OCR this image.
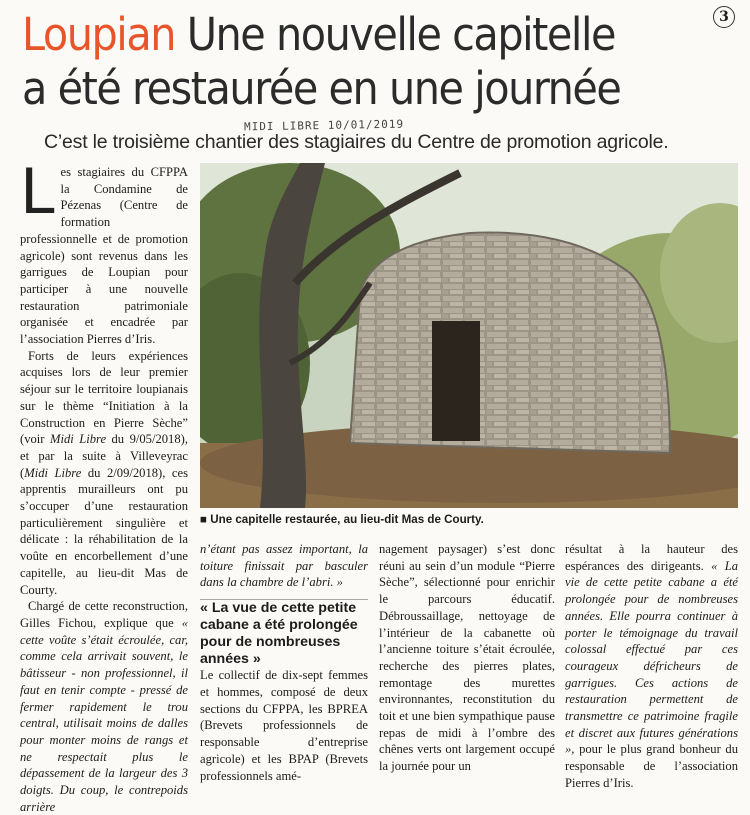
Loupian Une nouvelle capitelle
a été restaurée en une journée
3
MIDI LIBRE 10/01/2019
C’est le troisième chantier des stagiaires du Centre de promotion agricole.
L es stagiaires du CFPPA la Condamine de Pézenas (Centre de formation professionnelle et de promotion agricole) sont revenus dans les garrigues de Loupian pour participer à une nouvelle restauration patrimoniale organisée et encadrée par l’association Pierres d’Iris.

Forts de leurs expériences acquises lors de leur premier séjour sur le territoire loupianais sur le thème “Initiation à la Construction en Pierre Sèche” (voir Midi Libre du 9/05/2018), et par la suite à Villeveyrac (Midi Libre du 2/09/2018), ces apprentis murailleurs ont pu s’occuper d’une restauration particulièrement singulière et délicate : la réhabilitation de la voûte en encorbellement d’une capitelle, au lieu-dit Mas de Courty.

Chargé de cette reconstruction, Gilles Fichou, explique que « cette voûte s’était écroulée, car, comme cela arrivait souvent, le bâtisseur - non professionnel, il faut en tenir compte - pressé de fermer rapidement le trou central, utilisait moins de dalles pour monter moins de rangs et ne respectait plus le dépassement de la largeur des 3 doigts. Du coup, le contrepoids arrière

■ Une capitelle restaurée, au lieu-dit Mas de Courty.

n’étant pas assez important, la toiture finissait par basculer dans la chambre de l’abri. »

« La vue de cette petite cabane a été prolongée pour de nombreuses années »

Le collectif de dix-sept femmes et hommes, composé de deux sections du CFPPA, les BPREA (Brevets professionnels de responsable d’entreprise agricole) et les BPAP (Brevets professionnels amé-

nagement paysager) s’est donc réuni au sein d’un module “Pierre Sèche”, sélectionné pour enrichir le parcours éducatif. Débroussaillage, nettoyage de l’intérieur de la cabanette où l’ancienne toiture s’était écroulée, recherche des pierres plates, remontage des murettes environnantes, reconstitution du toit et une bien sympathique pause repas de midi à l’ombre des chênes verts ont largement occupé la journée pour un

résultat à la hauteur des espérances des dirigeants. « La vie de cette petite cabane a été prolongée pour de nombreuses années. Elle pourra continuer à porter le témoignage du travail colossal effectué par ces courageux défricheurs de garrigues. Ces actions de restauration permettent de transmettre ce patrimoine fragile et discret aux futures générations », pour le plus grand bonheur du responsable de l’association Pierres d’Iris.
